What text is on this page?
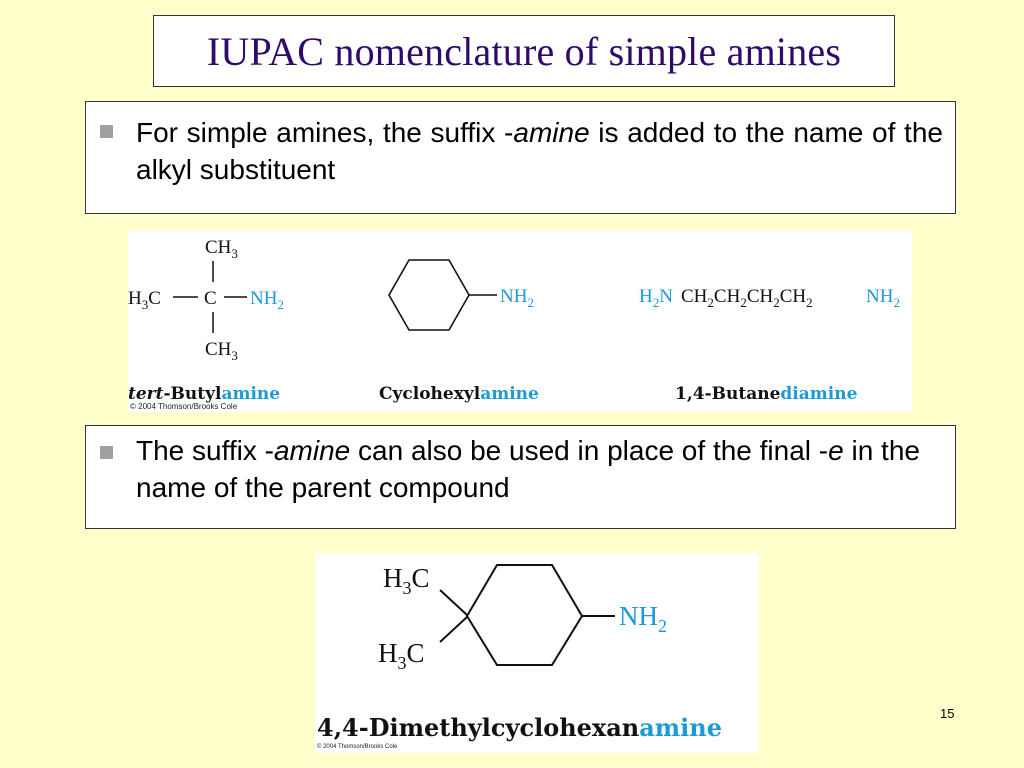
IUPAC nomenclature of simple amines
For simple amines, the suffix -amine is added to the name of the alkyl substituent
$CH_3$
$H_3C$ C $NH_2$
$CH_3$
$NH_2$	$H_2N$ $CH_2CH_2CH_2CH_2$	$NH_2$
tert-Butylamine	Cyclohexylamine	1,4-Butanediamine
© 2004 Thomson/Brooks Cole
The suffix -amine can also be used in place of the final -e in the name of the parent compound
$H_3C$
$H_3C$
$NH_2$
4,4-Dimethylcyclohexanamine
© 2004 Thomson/Brooks Cole
15
